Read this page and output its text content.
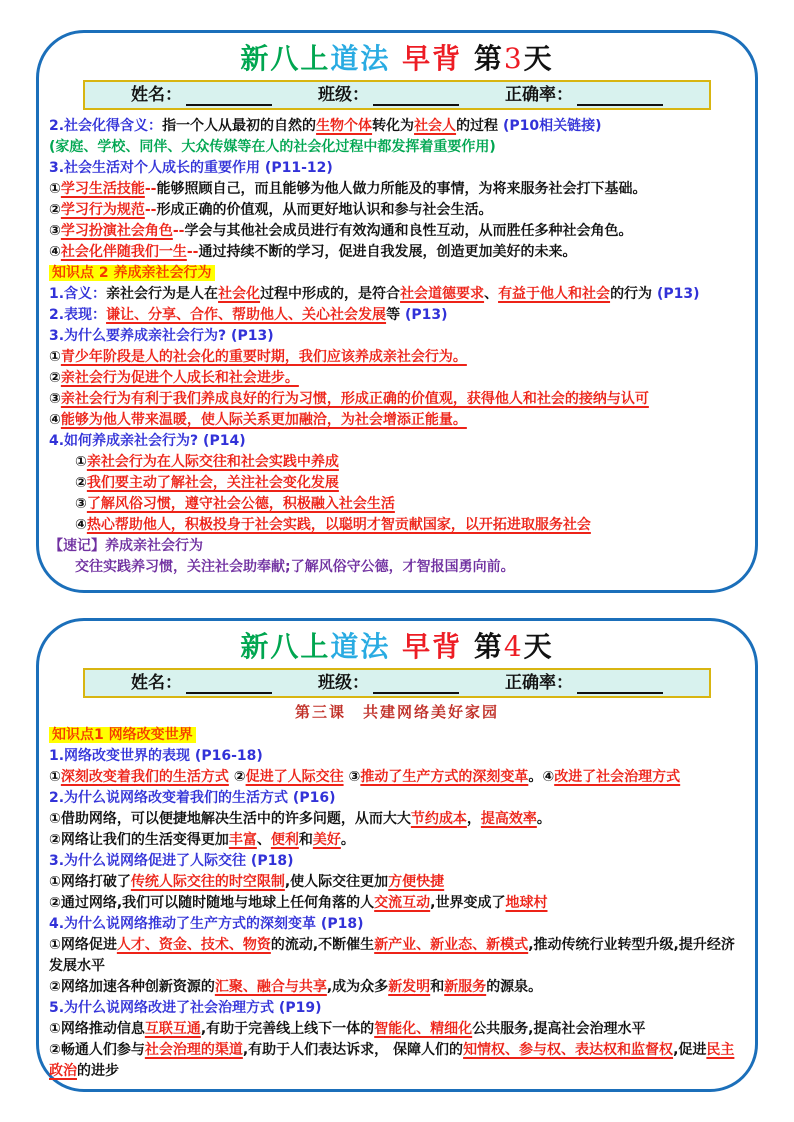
新八上道法 早背 第3天
姓名：	班级：	正确率：
2.社会化得含义：指一个人从最初的自然的生物个体转化为社会人的过程 (P10相关链接)
(家庭、学校、同伴、大众传媒等在人的社会化过程中都发挥着重要作用)
3.社会生活对个人成长的重要作用 (P11-12)
①学习生活技能--能够照顾自己，而且能够为他人做力所能及的事情，为将来服务社会打下基础。
②学习行为规范--形成正确的价值观，从而更好地认识和参与社会生活。
③学习扮演社会角色--学会与其他社会成员进行有效沟通和良性互动，从而胜任多种社会角色。
④社会化伴随我们一生--通过持续不断的学习，促进自我发展，创造更加美好的未来。
知识点 2 养成亲社会行为
1.含义：亲社会行为是人在社会化过程中形成的，是符合社会道德要求、有益于他人和社会的行为 (P13)
2.表现：谦让、分享、合作、帮助他人、关心社会发展等 (P13)
3.为什么要养成亲社会行为? (P13)
①青少年阶段是人的社会化的重要时期，我们应该养成亲社会行为。
②亲社会行为促进个人成长和社会进步。
③亲社会行为有利于我们养成良好的行为习惯，形成正确的价值观，获得他人和社会的接纳与认可
④能够为他人带来温暖，使人际关系更加融洽，为社会增添正能量。
4.如何养成亲社会行为? (P14)
①亲社会行为在人际交往和社会实践中养成
②我们要主动了解社会，关注社会变化发展
③了解风俗习惯，遵守社会公德，积极融入社会生活
④热心帮助他人，积极投身于社会实践，以聪明才智贡献国家，以开拓进取服务社会
【速记】养成亲社会行为
交往实践养习惯，关注社会助奉献;了解风俗守公德，才智报国勇向前。
新八上道法 早背 第4天
姓名：	班级：	正确率：
第三课　共建网络美好家园
知识点1 网络改变世界
1.网络改变世界的表现 (P16-18)
①深刻改变着我们的生活方式 ②促进了人际交往 ③推动了生产方式的深刻变革。④改进了社会治理方式
2.为什么说网络改变着我们的生活方式 (P16)
①借助网络，可以便捷地解决生活中的许多问题，从而大大节约成本，提高效率。
②网络让我们的生活变得更加丰富、便利和美好。
3.为什么说网络促进了人际交往 (P18)
①网络打破了传统人际交往的时空限制,使人际交往更加方便快捷
②通过网络,我们可以随时随地与地球上任何角落的人交流互动,世界变成了地球村
4.为什么说网络推动了生产方式的深刻变革 (P18)
①网络促进人才、资金、技术、物资的流动,不断催生新产业、新业态、新模式,推动传统行业转型升级,提升经济发展水平
②网络加速各种创新资源的汇聚、融合与共享,成为众多新发明和新服务的源泉。
5.为什么说网络改进了社会治理方式 (P19)
①网络推动信息互联互通,有助于完善线上线下一体的智能化、精细化公共服务,提高社会治理水平
②畅通人们参与社会治理的渠道,有助于人们表达诉求， 保障人们的知情权、参与权、表达权和监督权,促进民主政治的进步
